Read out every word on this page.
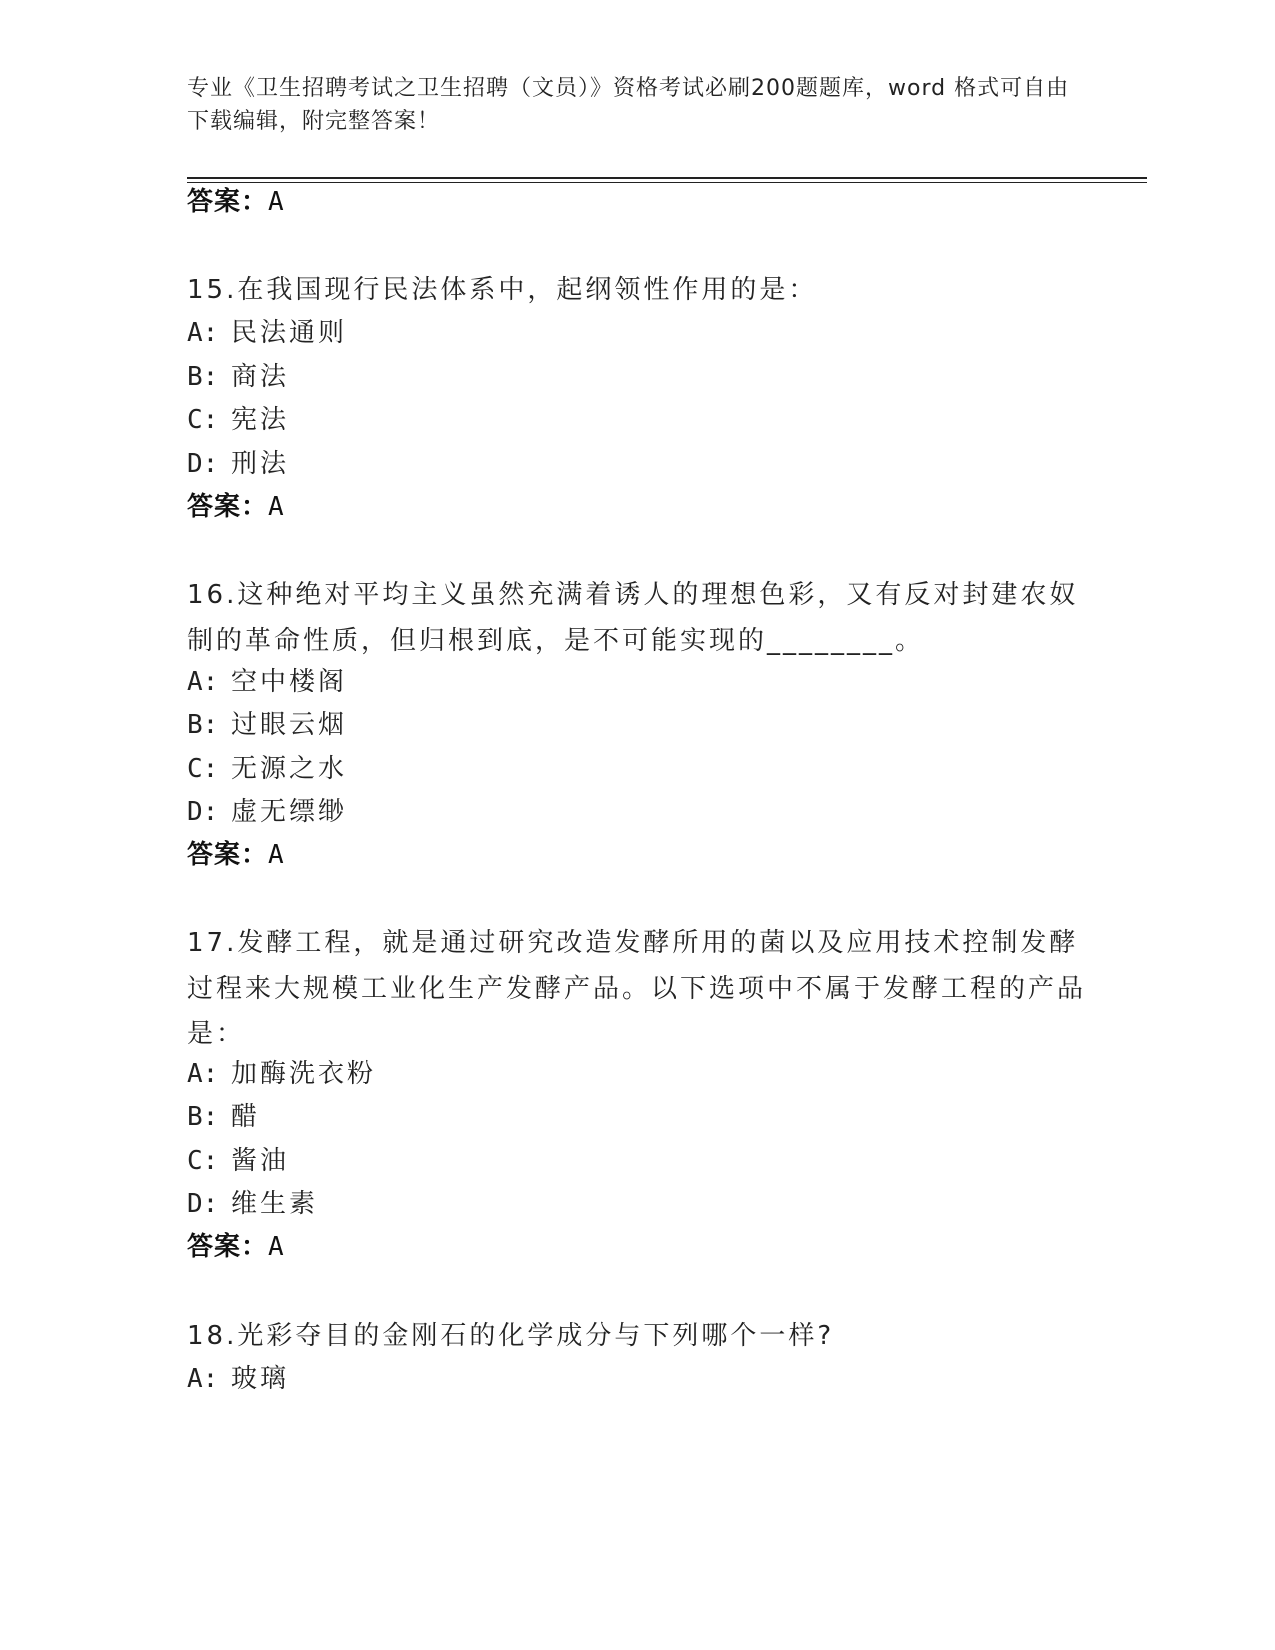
专业《卫生招聘考试之卫生招聘（文员）》资格考试必刷200题题库，word 格式可自由下载编辑，附完整答案！
答案：A
15.在我国现行民法体系中，起纲领性作用的是：
A: 民法通则
B: 商法
C: 宪法
D: 刑法
答案：A
16.这种绝对平均主义虽然充满着诱人的理想色彩，又有反对封建农奴制的革命性质，但归根到底，是不可能实现的________。
A: 空中楼阁
B: 过眼云烟
C: 无源之水
D: 虚无缥缈
答案：A
17.发酵工程，就是通过研究改造发酵所用的菌以及应用技术控制发酵过程来大规模工业化生产发酵产品。以下选项中不属于发酵工程的产品是：
A: 加酶洗衣粉
B: 醋
C: 酱油
D: 维生素
答案：A
18.光彩夺目的金刚石的化学成分与下列哪个一样?
A: 玻璃
